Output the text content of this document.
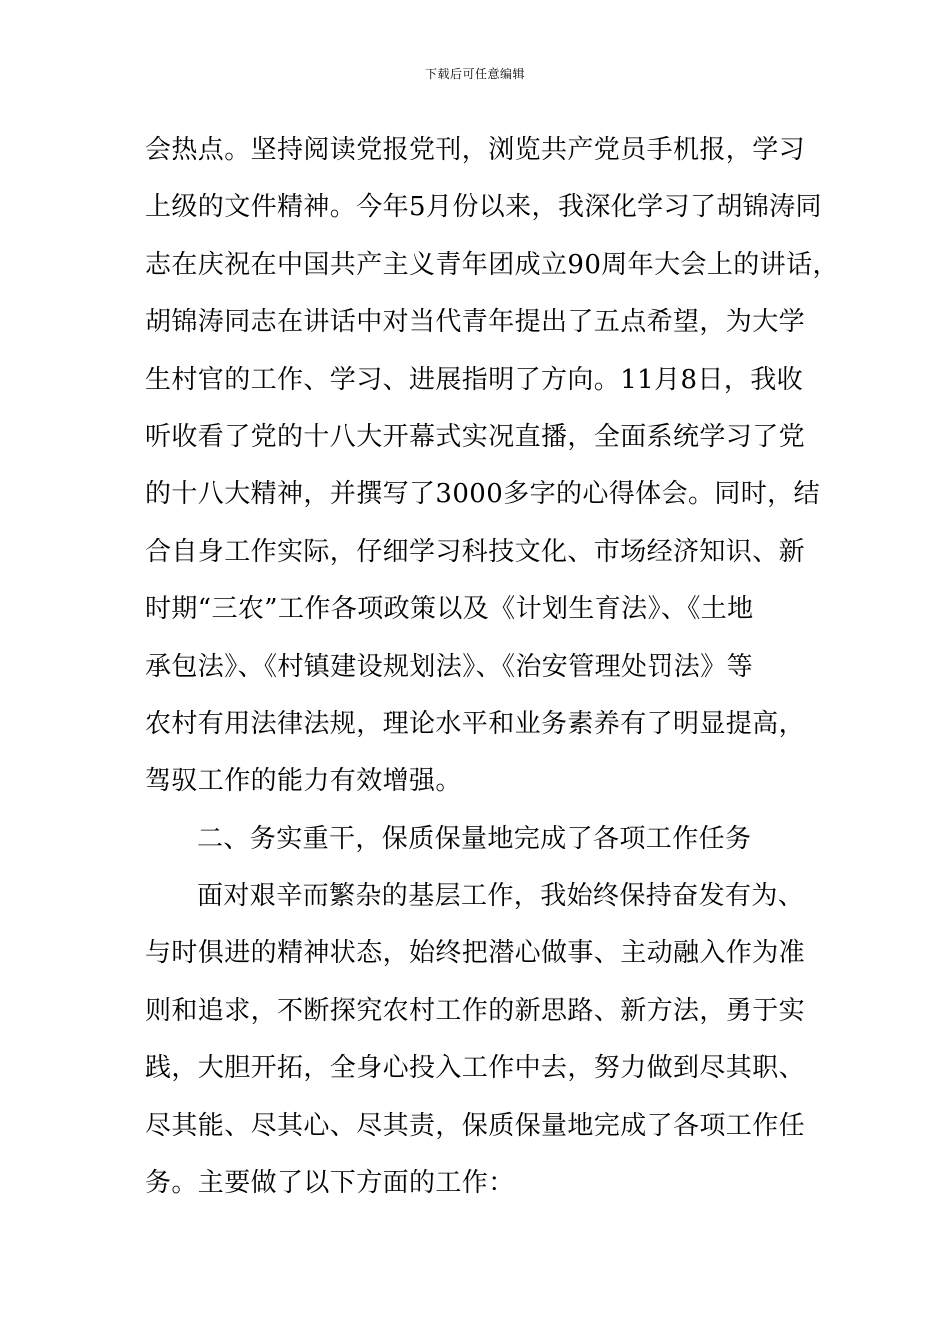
下载后可任意编辑
会热点。坚持阅读党报党刊，浏览共产党员手机报，学习
上级的文件精神。今年5月份以来，我深化学习了胡锦涛同
志在庆祝在中国共产主义青年团成立90周年大会上的讲话，
胡锦涛同志在讲话中对当代青年提出了五点希望，为大学
生村官的工作、学习、进展指明了方向。11月8日，我收
听收看了党的十八大开幕式实况直播，全面系统学习了党
的十八大精神，并撰写了3000多字的心得体会。同时，结
合自身工作实际，仔细学习科技文化、市场经济知识、新
时期“三农”工作各项政策以及《计划生育法》、《土地
承包法》、《村镇建设规划法》、《治安管理处罚法》等
农村有用法律法规，理论水平和业务素养有了明显提高，
驾驭工作的能力有效增强。
二、务实重干，保质保量地完成了各项工作任务
面对艰辛而繁杂的基层工作，我始终保持奋发有为、
与时俱进的精神状态，始终把潜心做事、主动融入作为准
则和追求，不断探究农村工作的新思路、新方法，勇于实
践，大胆开拓，全身心投入工作中去，努力做到尽其职、
尽其能、尽其心、尽其责，保质保量地完成了各项工作任
务。主要做了以下方面的工作：
